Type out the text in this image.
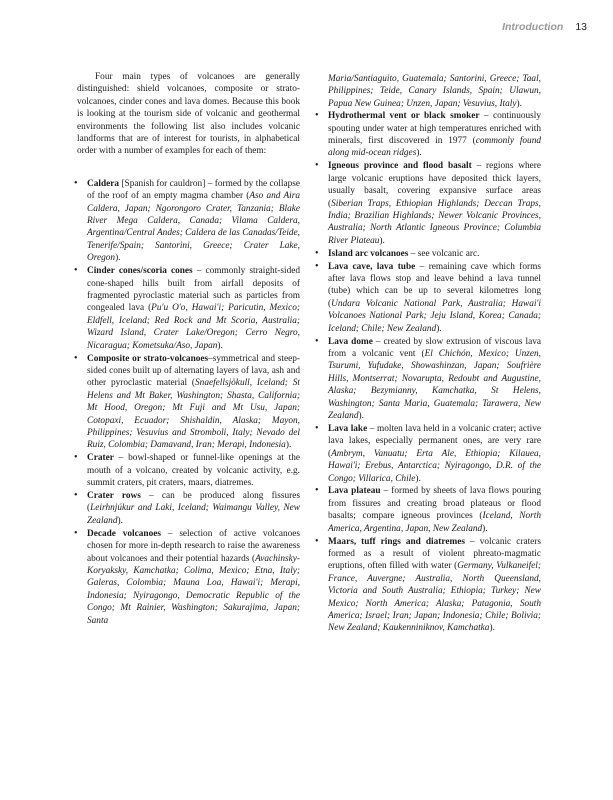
Introduction 13

Four main types of volcanoes are generally distinguished: shield volcanoes, composite or strato-volcanoes, cinder cones and lava domes. Because this book is looking at the tourism side of volcanic and geothermal environments the following list also includes volcanic landforms that are of interest for tourists, in alphabetical order with a number of examples for each of them:

• Caldera [Spanish for cauldron] – formed by the collapse of the roof of an empty magma chamber (Aso and Aira Caldera, Japan; Ngorongoro Crater, Tanzania; Blake River Mega Caldera, Canada; Vilama Caldera, Argentina/Central Andes; Caldera de las Canadas/Teide, Tenerife/Spain; Santorini, Greece; Crater Lake, Oregon).
• Cinder cones/scoria cones – commonly straight-sided cone-shaped hills built from airfall deposits of fragmented pyroclastic material such as particles from congealed lava (Pu'u O'o, Hawai'i; Paricutin, Mexico; Eldfell, Iceland; Red Rock and Mt Scoria, Australia; Wizard Island, Crater Lake/Oregon; Cerro Negro, Nicaragua; Kometsuka/Aso, Japan).
• Composite or strato-volcanoes–symmetrical and steep-sided cones built up of alternating layers of lava, ash and other pyroclastic material (Snaefellsjökull, Iceland; St Helens and Mt Baker, Washington; Shasta, California; Mt Hood, Oregon; Mt Fuji and Mt Usu, Japan; Cotopaxi, Ecuador; Shishaldin, Alaska; Mayon, Philippines; Vesuvius and Stromboli, Italy; Nevado del Ruiz, Colombia; Damavand, Iran; Merapi, Indonesia).
• Crater – bowl-shaped or funnel-like openings at the mouth of a volcano, created by volcanic activity, e.g. summit craters, pit craters, maars, diatremes.
• Crater rows – can be produced along fissures (Leirhnjúkur and Laki, Iceland; Waimangu Valley, New Zealand).
• Decade volcanoes – selection of active volcanoes chosen for more in-depth research to raise the awareness about volcanoes and their potential hazards (Avachinsky-Koryaksky, Kamchatka; Colima, Mexico; Etna, Italy; Galeras, Colombia; Mauna Loa, Hawai'i; Merapi, Indonesia; Nyiragongo, Democratic Republic of the Congo; Mt Rainier, Washington; Sakurajima, Japan; Santa

Maria/Santiaguito, Guatemala; Santorini, Greece; Taal, Philippines; Teide, Canary Islands, Spain; Ulawun, Papua New Guinea; Unzen, Japan; Vesuvius, Italy).

• Hydrothermal vent or black smoker – continuously spouting under water at high temperatures enriched with minerals, first discovered in 1977 (commonly found along mid-ocean ridges).
• Igneous province and flood basalt – regions where large volcanic eruptions have deposited thick layers, usually basalt, covering expansive surface areas (Siberian Traps, Ethiopian Highlands; Deccan Traps, India; Brazilian Highlands; Newer Volcanic Provinces, Australia; North Atlantic Igneous Province; Columbia River Plateau).
• Island arc volcanoes – see volcanic arc.
• Lava cave, lava tube – remaining cave which forms after lava flows stop and leave behind a lava tunnel (tube) which can be up to several kilometres long (Undara Volcanic National Park, Australia; Hawai'i Volcanoes National Park; Jeju Island, Korea; Canada; Iceland; Chile; New Zealand).
• Lava dome – created by slow extrusion of viscous lava from a volcanic vent (El Chichón, Mexico; Unzen, Tsurumi, Yufudake, Showashinzan, Japan; Soufrière Hills, Montserrat; Novarupta, Redoubt and Augustine, Alaska; Bezymianny, Kamchatka, St Helens, Washington; Santa Maria, Guatemala; Tarawera, New Zealand).
• Lava lake – molten lava held in a volcanic crater; active lava lakes, especially permanent ones, are very rare (Ambrym, Vanuatu; Erta Ale, Ethiopia; Kilauea, Hawai'i; Erebus, Antarctica; Nyiragongo, D.R. of the Congo; Villarica, Chile).
• Lava plateau – formed by sheets of lava flows pouring from fissures and creating broad plateaus or flood basalts; compare igneous provinces (Iceland, North America, Argentina, Japan, New Zealand).
• Maars, tuff rings and diatremes – volcanic craters formed as a result of violent phreato-magmatic eruptions, often filled with water (Germany, Vulkaneifel; France, Auvergne; Australia, North Queensland, Victoria and South Australia; Ethiopia; Turkey; New Mexico; North America; Alaska; Patagonia, South America; Israel; Iran; Japan; Indonesia; Chile; Bolivia; New Zealand; Kaukenniniknov, Kamchatka).
